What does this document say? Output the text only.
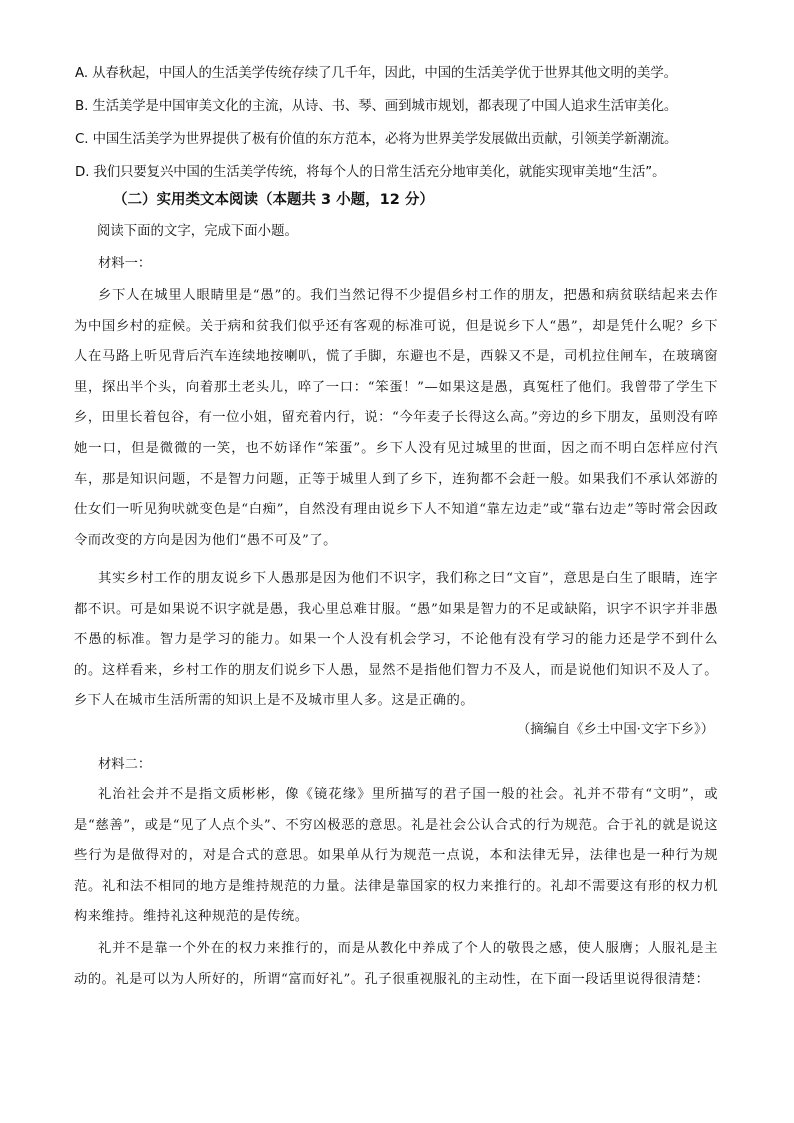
A. 从春秋起，中国人的生活美学传统存续了几千年，因此，中国的生活美学优于世界其他文明的美学。
B. 生活美学是中国审美文化的主流，从诗、书、琴、画到城市规划，都表现了中国人追求生活审美化。
C. 中国生活美学为世界提供了极有价值的东方范本，必将为世界美学发展做出贡献，引领美学新潮流。
D. 我们只要复兴中国的生活美学传统，将每个人的日常生活充分地审美化，就能实现审美地“生活”。
（二）实用类文本阅读（本题共 3 小题，12 分）
阅读下面的文字，完成下面小题。
材料一：

乡下人在城里人眼睛里是“愚”的。我们当然记得不少提倡乡村工作的朋友，把愚和病贫联结起来去作为中国乡村的症候。关于病和贫我们似乎还有客观的标准可说，但是说乡下人“愚”，却是凭什么呢？乡下人在马路上听见背后汽车连续地按喇叭，慌了手脚，东避也不是，西躲又不是，司机拉住闸车，在玻璃窗里，探出半个头，向着那土老头儿，啐了一口：“笨蛋！”—如果这是愚，真冤枉了他们。我曾带了学生下乡，田里长着包谷，有一位小姐，留充着内行，说：“今年麦子长得这么高。”旁边的乡下朋友，虽则没有啐她一口，但是微微的一笑，也不妨译作“笨蛋”。乡下人没有见过城里的世面，因之而不明白怎样应付汽车，那是知识问题，不是智力问题，正等于城里人到了乡下，连狗都不会赶一般。如果我们不承认郊游的仕女们一听见狗吠就变色是“白痴”，自然没有理由说乡下人不知道“靠左边走”或“靠右边走”等时常会因政令而改变的方向是因为他们“愚不可及”了。

其实乡村工作的朋友说乡下人愚那是因为他们不识字，我们称之曰“文盲”，意思是白生了眼睛，连字都不识。可是如果说不识字就是愚，我心里总难甘服。“愚”如果是智力的不足或缺陷，识字不识字并非愚不愚的标准。智力是学习的能力。如果一个人没有机会学习，不论他有没有学习的能力还是学不到什么的。这样看来，乡村工作的朋友们说乡下人愚，显然不是指他们智力不及人，而是说他们知识不及人了。乡下人在城市生活所需的知识上是不及城市里人多。这是正确的。

（摘编自《乡土中国·文字下乡》）
材料二：

礼治社会并不是指文质彬彬，像《镜花缘》里所描写的君子国一般的社会。礼并不带有“文明”，或是“慈善”，或是“见了人点个头”、不穷凶极恶的意思。礼是社会公认合式的行为规范。合于礼的就是说这些行为是做得对的，对是合式的意思。如果单从行为规范一点说，本和法律无异，法律也是一种行为规范。礼和法不相同的地方是维持规范的力量。法律是靠国家的权力来推行的。礼却不需要这有形的权力机构来维持。维持礼这种规范的是传统。

礼并不是靠一个外在的权力来推行的，而是从教化中养成了个人的敬畏之感，使人服膺；人服礼是主动的。礼是可以为人所好的，所谓“富而好礼”。孔子很重视服礼的主动性，在下面一段话里说得很清楚：
